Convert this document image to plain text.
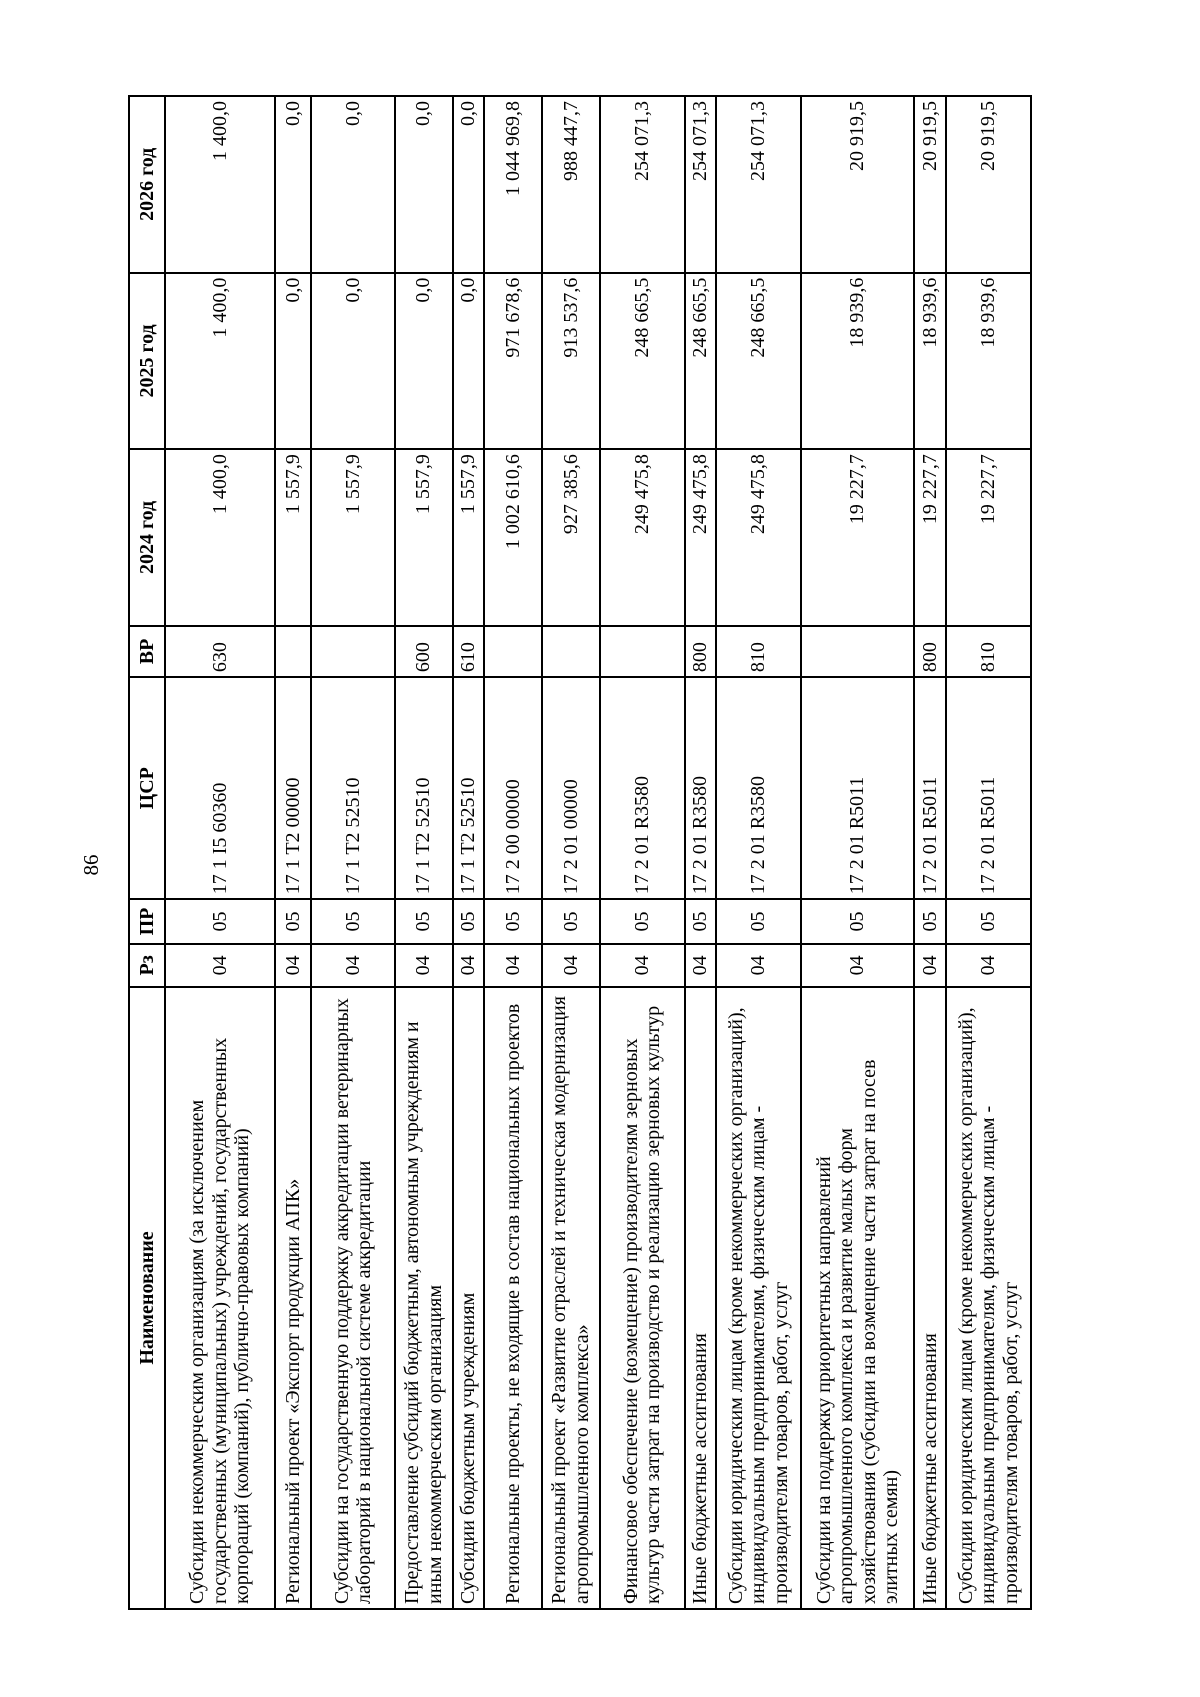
86
Наименование	Рз	ПР	ЦСР	ВР	2024 год	2025 год	2026 год
Субсидии некоммерческим организациям (за исключением государственных (муниципальных) учреждений, государственных корпораций (компаний), публично-правовых компаний)	04	05	17 1 I5 60360	630	1 400,0	1 400,0	1 400,0
Региональный проект «Экспорт продукции АПК»	04	05	17 1 T2 00000		1 557,9	0,0	0,0
Субсидии на государственную поддержку аккредитации ветеринарных лабораторий в национальной системе аккредитации	04	05	17 1 T2 52510		1 557,9	0,0	0,0
Предоставление субсидий бюджетным, автономным учреждениям и иным некоммерческим организациям	04	05	17 1 T2 52510	600	1 557,9	0,0	0,0
Субсидии бюджетным учреждениям	04	05	17 1 T2 52510	610	1 557,9	0,0	0,0
Региональные проекты, не входящие в состав национальных проектов	04	05	17 2 00 00000		1 002 610,6	971 678,6	1 044 969,8
Региональный проект «Развитие отраслей и техническая модернизация агропромышленного комплекса»	04	05	17 2 01 00000		927 385,6	913 537,6	988 447,7
Финансовое обеспечение (возмещение) производителям зерновых культур части затрат на производство и реализацию зерновых культур	04	05	17 2 01 R3580		249 475,8	248 665,5	254 071,3
Иные бюджетные ассигнования	04	05	17 2 01 R3580	800	249 475,8	248 665,5	254 071,3
Субсидии юридическим лицам (кроме некоммерческих организаций), индивидуальным предпринимателям, физическим лицам - производителям товаров, работ, услуг	04	05	17 2 01 R3580	810	249 475,8	248 665,5	254 071,3
Субсидии на поддержку приоритетных направлений агропромышленного комплекса и развитие малых форм хозяйствования (субсидии на возмещение части затрат на посев элитных семян)	04	05	17 2 01 R5011		19 227,7	18 939,6	20 919,5
Иные бюджетные ассигнования	04	05	17 2 01 R5011	800	19 227,7	18 939,6	20 919,5
Субсидии юридическим лицам (кроме некоммерческих организаций), индивидуальным предпринимателям, физическим лицам - производителям товаров, работ, услуг	04	05	17 2 01 R5011	810	19 227,7	18 939,6	20 919,5
